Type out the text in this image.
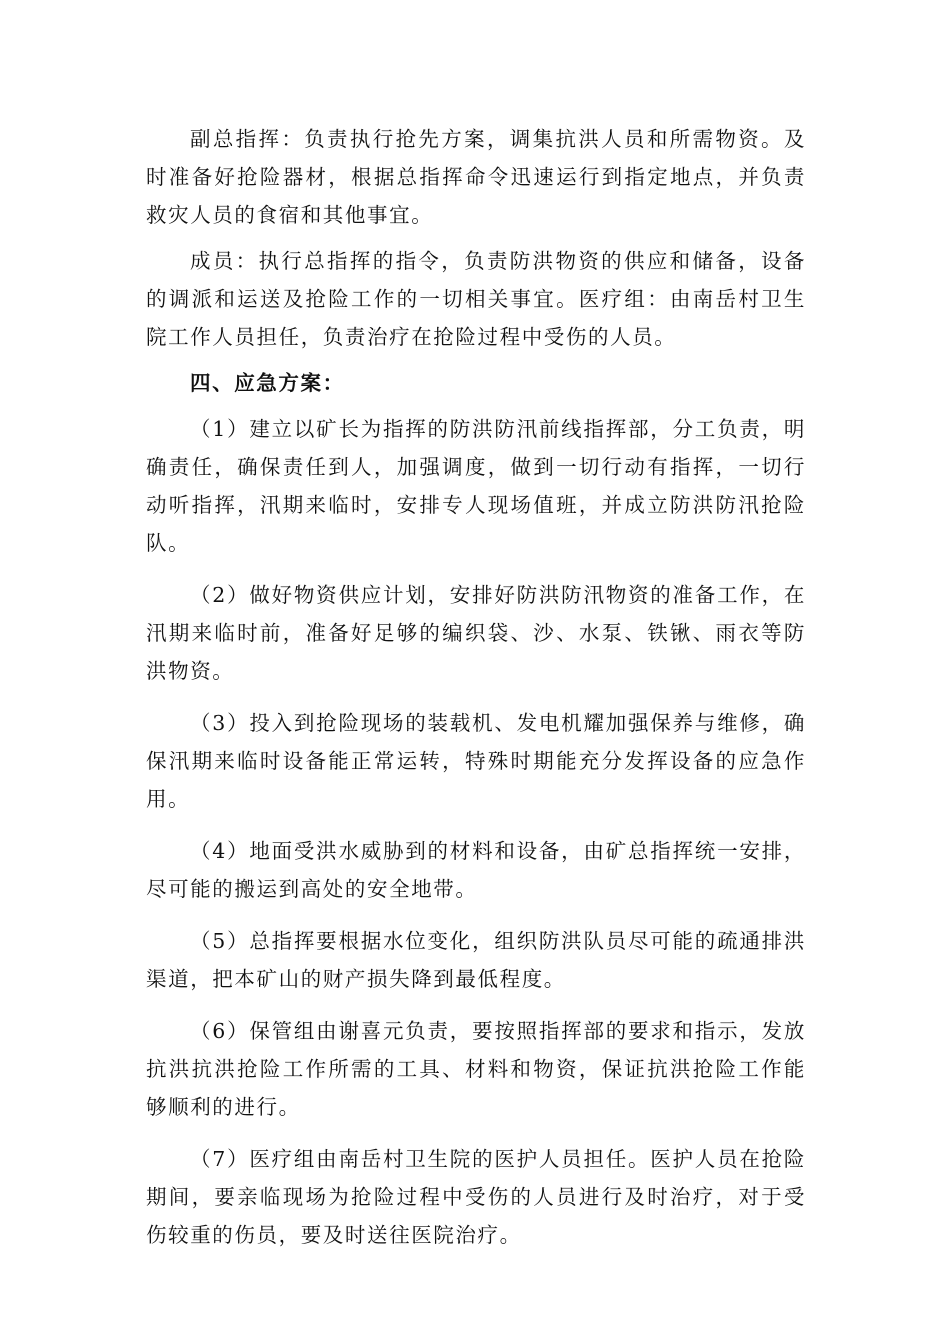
副总指挥：负责执行抢先方案，调集抗洪人员和所需物资。及时准备好抢险器材，根据总指挥命令迅速运行到指定地点，并负责救灾人员的食宿和其他事宜。

成员：执行总指挥的指令，负责防洪物资的供应和储备，设备的调派和运送及抢险工作的一切相关事宜。医疗组：由南岳村卫生院工作人员担任，负责治疗在抢险过程中受伤的人员。

四、应急方案：

（1）建立以矿长为指挥的防洪防汛前线指挥部，分工负责，明确责任，确保责任到人，加强调度，做到一切行动有指挥，一切行动听指挥，汛期来临时，安排专人现场值班，并成立防洪防汛抢险队。

（2）做好物资供应计划，安排好防洪防汛物资的准备工作，在汛期来临时前，准备好足够的编织袋、沙、水泵、铁锹、雨衣等防洪物资。

（3）投入到抢险现场的装载机、发电机耀加强保养与维修，确保汛期来临时设备能正常运转，特殊时期能充分发挥设备的应急作用。

（4）地面受洪水威胁到的材料和设备，由矿总指挥统一安排，尽可能的搬运到高处的安全地带。

（5）总指挥要根据水位变化，组织防洪队员尽可能的疏通排洪渠道，把本矿山的财产损失降到最低程度。

（6）保管组由谢喜元负责，要按照指挥部的要求和指示，发放抗洪抗洪抢险工作所需的工具、材料和物资，保证抗洪抢险工作能够顺利的进行。

（7）医疗组由南岳村卫生院的医护人员担任。医护人员在抢险期间，要亲临现场为抢险过程中受伤的人员进行及时治疗，对于受伤较重的伤员，要及时送往医院治疗。
